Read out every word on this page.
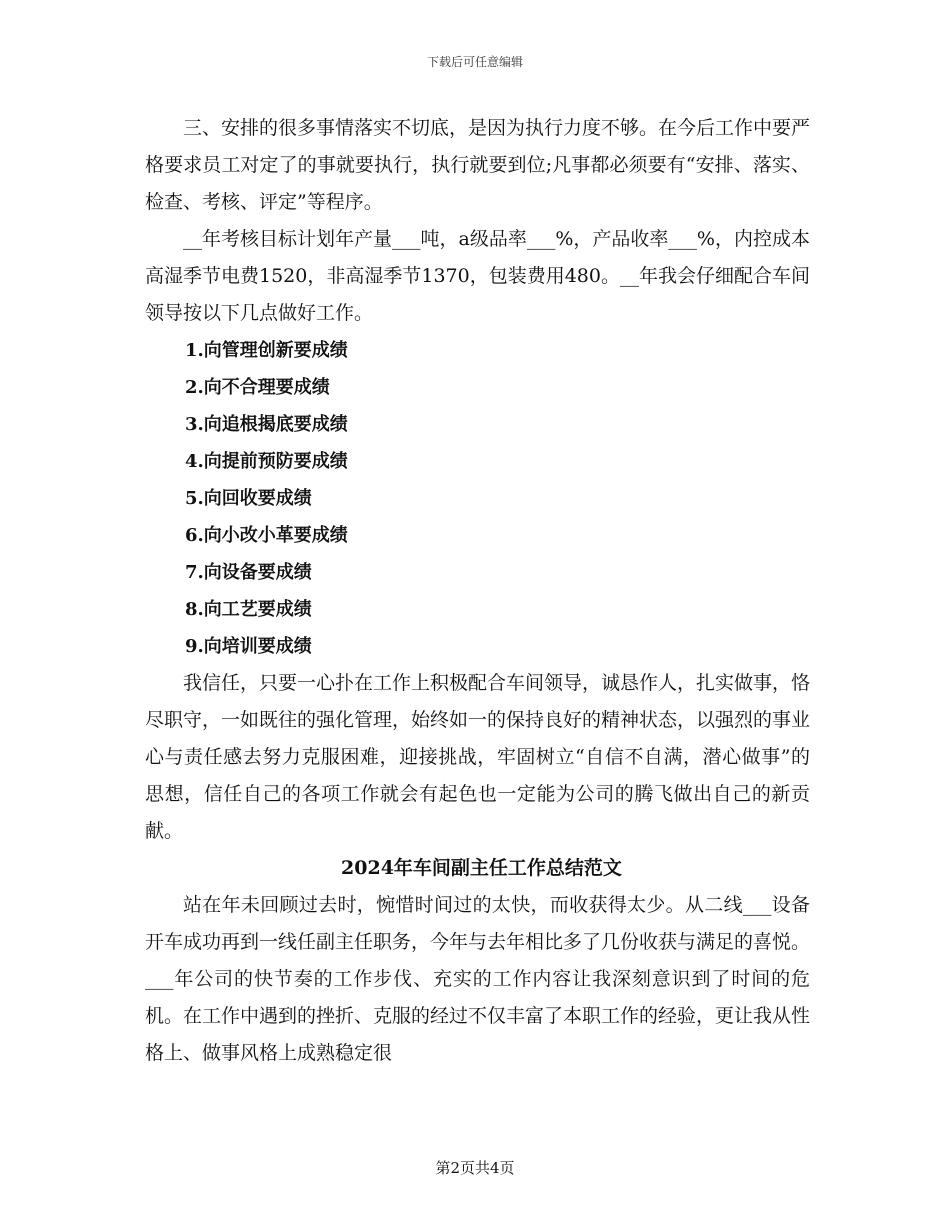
下载后可任意编辑

三、安排的很多事情落实不切底，是因为执行力度不够。在今后工作中要严格要求员工对定了的事就要执行，执行就要到位;凡事都必须要有“安排、落实、检查、考核、评定”等程序。

__年考核目标计划年产量___吨，a级品率___%，产品收率___%，内控成本高湿季节电费1520，非高湿季节1370，包装费用480。__年我会仔细配合车间领导按以下几点做好工作。

1.向管理创新要成绩
2.向不合理要成绩
3.向追根揭底要成绩
4.向提前预防要成绩
5.向回收要成绩
6.向小改小革要成绩
7.向设备要成绩
8.向工艺要成绩
9.向培训要成绩

我信任，只要一心扑在工作上积极配合车间领导，诚恳作人，扎实做事，恪尽职守，一如既往的强化管理，始终如一的保持良好的精神状态，以强烈的事业心与责任感去努力克服困难，迎接挑战，牢固树立“自信不自满，潜心做事”的思想，信任自己的各项工作就会有起色也一定能为公司的腾飞做出自己的新贡献。

2024年车间副主任工作总结范文

站在年未回顾过去时，惋惜时间过的太快，而收获得太少。从二线___设备开车成功再到一线任副主任职务，今年与去年相比多了几份收获与满足的喜悦。___年公司的快节奏的工作步伐、充实的工作内容让我深刻意识到了时间的危机。在工作中遇到的挫折、克服的经过不仅丰富了本职工作的经验，更让我从性格上、做事风格上成熟稳定很

第2页共4页
